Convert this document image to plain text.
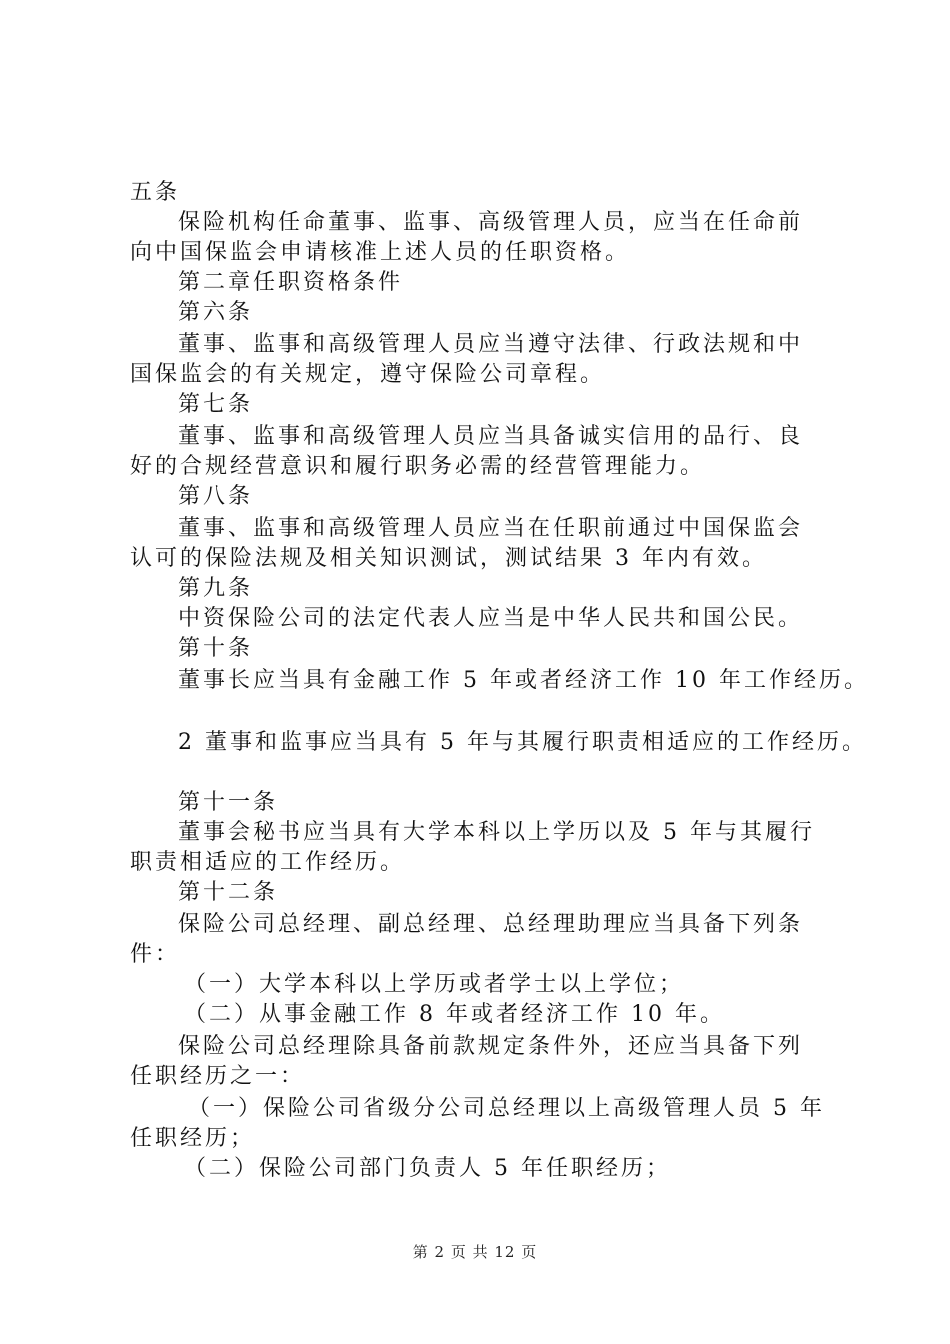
五条
保险机构任命董事、监事、高级管理人员，应当在任命前
向中国保监会申请核准上述人员的任职资格。
第二章任职资格条件
第六条
董事、监事和高级管理人员应当遵守法律、行政法规和中
国保监会的有关规定，遵守保险公司章程。
第七条
董事、监事和高级管理人员应当具备诚实信用的品行、良
好的合规经营意识和履行职务必需的经营管理能力。
第八条
董事、监事和高级管理人员应当在任职前通过中国保监会
认可的保险法规及相关知识测试，测试结果 3 年内有效。
第九条
中资保险公司的法定代表人应当是中华人民共和国公民。
第十条
董事长应当具有金融工作 5 年或者经济工作 10 年工作经历。
2 董事和监事应当具有 5 年与其履行职责相适应的工作经历。
第十一条
董事会秘书应当具有大学本科以上学历以及 5 年与其履行
职责相适应的工作经历。
第十二条
保险公司总经理、副总经理、总经理助理应当具备下列条
件：
（一）大学本科以上学历或者学士以上学位；
（二）从事金融工作 8 年或者经济工作 10 年。
保险公司总经理除具备前款规定条件外，还应当具备下列
任职经历之一：
（一）保险公司省级分公司总经理以上高级管理人员 5 年
任职经历；
（二）保险公司部门负责人 5 年任职经历；
第 2 页 共 12 页
